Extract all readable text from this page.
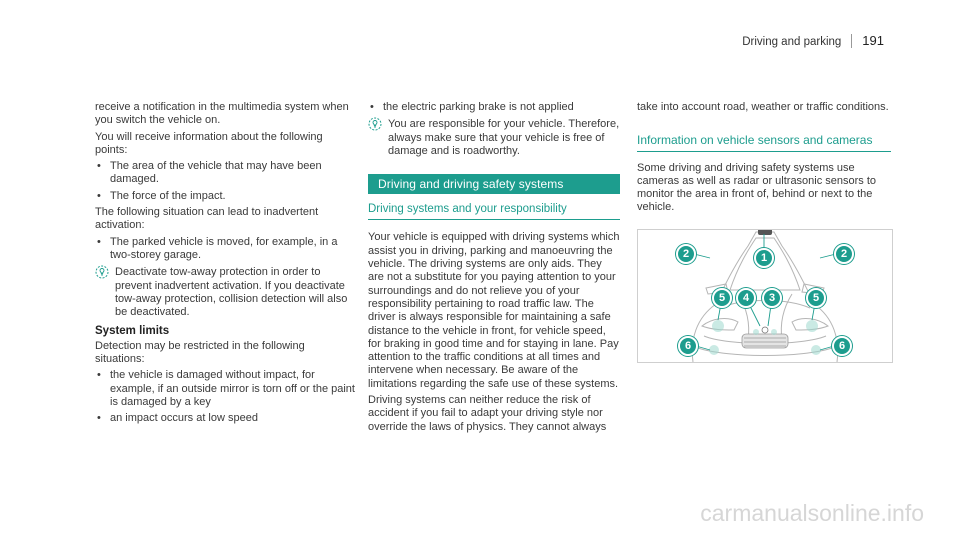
Driving and parking 191

receive a notification in the multimedia system when you switch the vehicle on.

You will receive information about the following points:

• The area of the vehicle that may have been damaged.
• The force of the impact.

The following situation can lead to inadvertent activation:

• The parked vehicle is moved, for example, in a two-storey garage.
Deactivate tow-away protection in order to prevent inadvertent activation. If you deactivate tow-away protection, collision detection will also be deactivated.
System limits

Detection may be restricted in the following situations:

• the vehicle is damaged without impact, for example, if an outside mirror is torn off or the paint is damaged by a key
• an impact occurs at low speed
• the electric parking brake is not applied
You are responsible for your vehicle. Therefore, always make sure that your vehicle is free of damage and is roadworthy.
Driving and driving safety systems
Driving systems and your responsibility

Your vehicle is equipped with driving systems which assist you in driving, parking and manoeuvring the vehicle. The driving systems are only aids. They are not a substitute for you paying attention to your surroundings and do not relieve you of your responsibility pertaining to road traffic law. The driver is always responsible for maintaining a safe distance to the vehicle in front, for vehicle speed, for braking in good time and for staying in lane. Pay attention to the traffic conditions at all times and intervene when necessary. Be aware of the limitations regarding the safe use of these systems.

Driving systems can neither reduce the risk of accident if you fail to adapt your driving style nor override the laws of physics. They cannot always

take into account road, weather or traffic conditions.

Information on vehicle sensors and cameras

Some driving and driving safety systems use cameras as well as radar or ultrasonic sensors to monitor the area in front of, behind or next to the vehicle.

1
2	2
3
4
5	5
6	6
carmanualsonline.info
